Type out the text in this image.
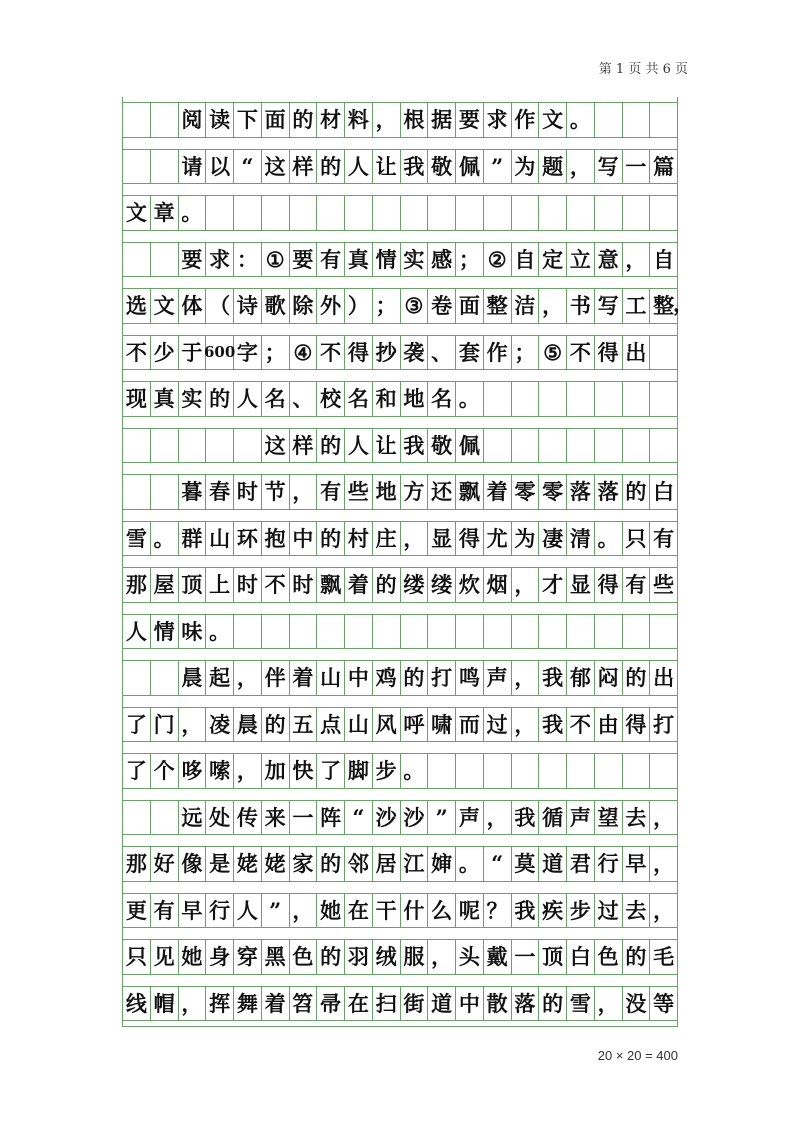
第 1 页 共 6 页
阅 读 下 面 的 材 料 ， 根 据 要 求 作 文 。
请 以 “ 这 样 的 人 让 我 敬 佩 ” 为 题 ， 写 一 篇
文 章 。
要 求 ： ① 要 有 真 情 实 感 ； ② 自 定 立 意 ， 自
，
选 文 体 （ 诗 歌 除 外 ） ； ③ 卷 面 整 洁 ， 书 写 工 整
不 少 于 600 字 ； ④ 不 得 抄 袭 、 套 作 ； ⑤ 不 得 出
现 真 实 的 人 名 、 校 名 和 地 名 。
这 样 的 人 让 我 敬 佩
暮 春 时 节 ， 有 些 地 方 还 飘 着 零 零 落 落 的 白
雪 。 群 山 环 抱 中 的 村 庄 ， 显 得 尤 为 凄 清 。 只 有
那 屋 顶 上 时 不 时 飘 着 的 缕 缕 炊 烟 ， 才 显 得 有 些
人 情 味 。
晨 起 ， 伴 着 山 中 鸡 的 打 鸣 声 ， 我 郁 闷 的 出
了 门 ， 凌 晨 的 五 点 山 风 呼 啸 而 过 ， 我 不 由 得 打
了 个 哆 嗦 ， 加 快 了 脚 步 。
远 处 传 来 一 阵 “ 沙 沙 ” 声 ， 我 循 声 望 去 ，
那 好 像 是 姥 姥 家 的 邻 居 江 婶 。 “ 莫 道 君 行 早 ，
更 有 早 行 人 ” ， 她 在 干 什 么 呢 ？ 我 疾 步 过 去 ，
只 见 她 身 穿 黑 色 的 羽 绒 服 ， 头 戴 一 顶 白 色 的 毛
线 帽 ， 挥 舞 着 笤 帚 在 扫 街 道 中 散 落 的 雪 ， 没 等
20 × 20 = 400
